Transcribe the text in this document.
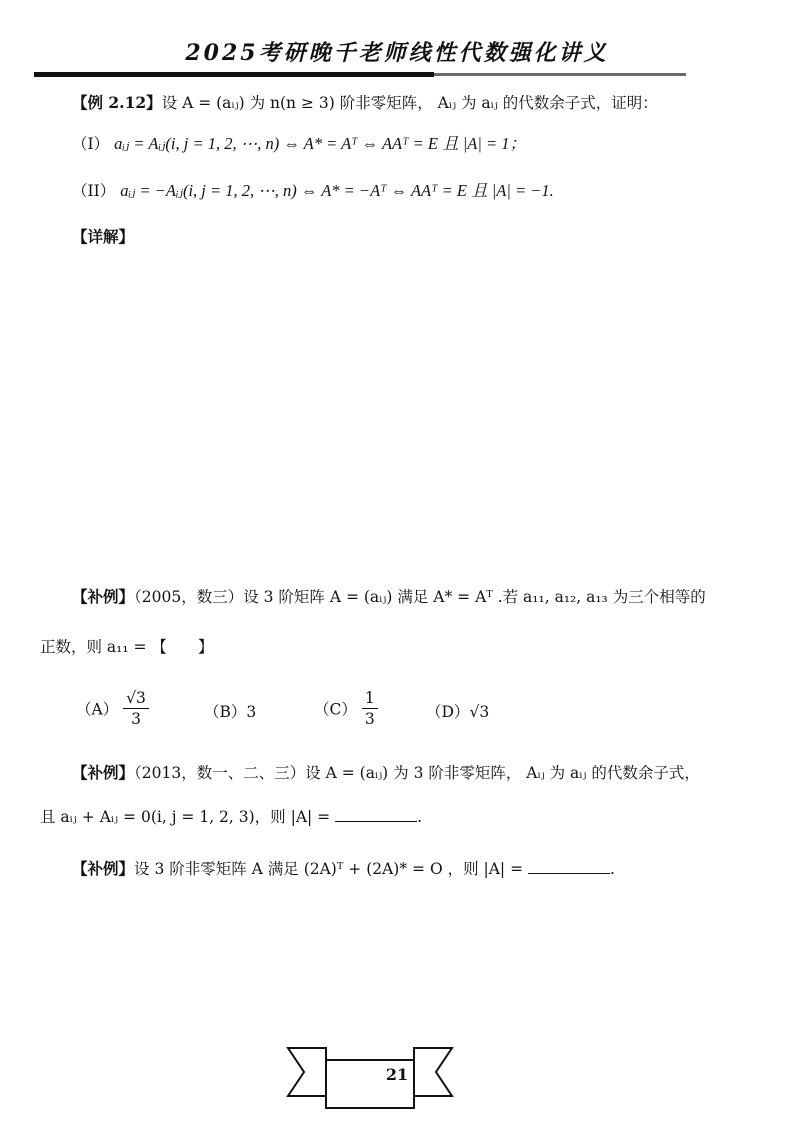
2025考研晚千老师线性代数强化讲义
【例 2.12】设 A = (aᵢⱼ) 为 n(n ≥ 3) 阶非零矩阵， Aᵢⱼ 为 aᵢⱼ 的代数余子式，证明：
（I） aᵢⱼ = Aᵢⱼ(i, j = 1, 2, ⋯, n) ⇔ A* = Aᵀ ⇔ AAᵀ = E 且 |A| = 1；
（II） aᵢⱼ = −Aᵢⱼ(i, j = 1, 2, ⋯, n) ⇔ A* = −Aᵀ ⇔ AAᵀ = E 且 |A| = −1.
【详解】
【补例】（2005，数三）设 3 阶矩阵 A = (aᵢⱼ) 满足 A* = Aᵀ .若 a₁₁, a₁₂, a₁₃ 为三个相等的
正数，则 a₁₁ = 【　　】
$(A) \frac{√3}{3}$	（B）3	$(C) \frac{1}{3}$	（D）√3
【补例】（2013，数一、二、三）设 A = (aᵢⱼ) 为 3 阶非零矩阵， Aᵢⱼ 为 aᵢⱼ 的代数余子式，
且 aᵢⱼ + Aᵢⱼ = 0(i, j = 1, 2, 3)，则 |A| =	.
【补例】设 3 阶非零矩阵 A 满足 (2A)ᵀ + (2A)* = O ，则 |A| =	.
21
